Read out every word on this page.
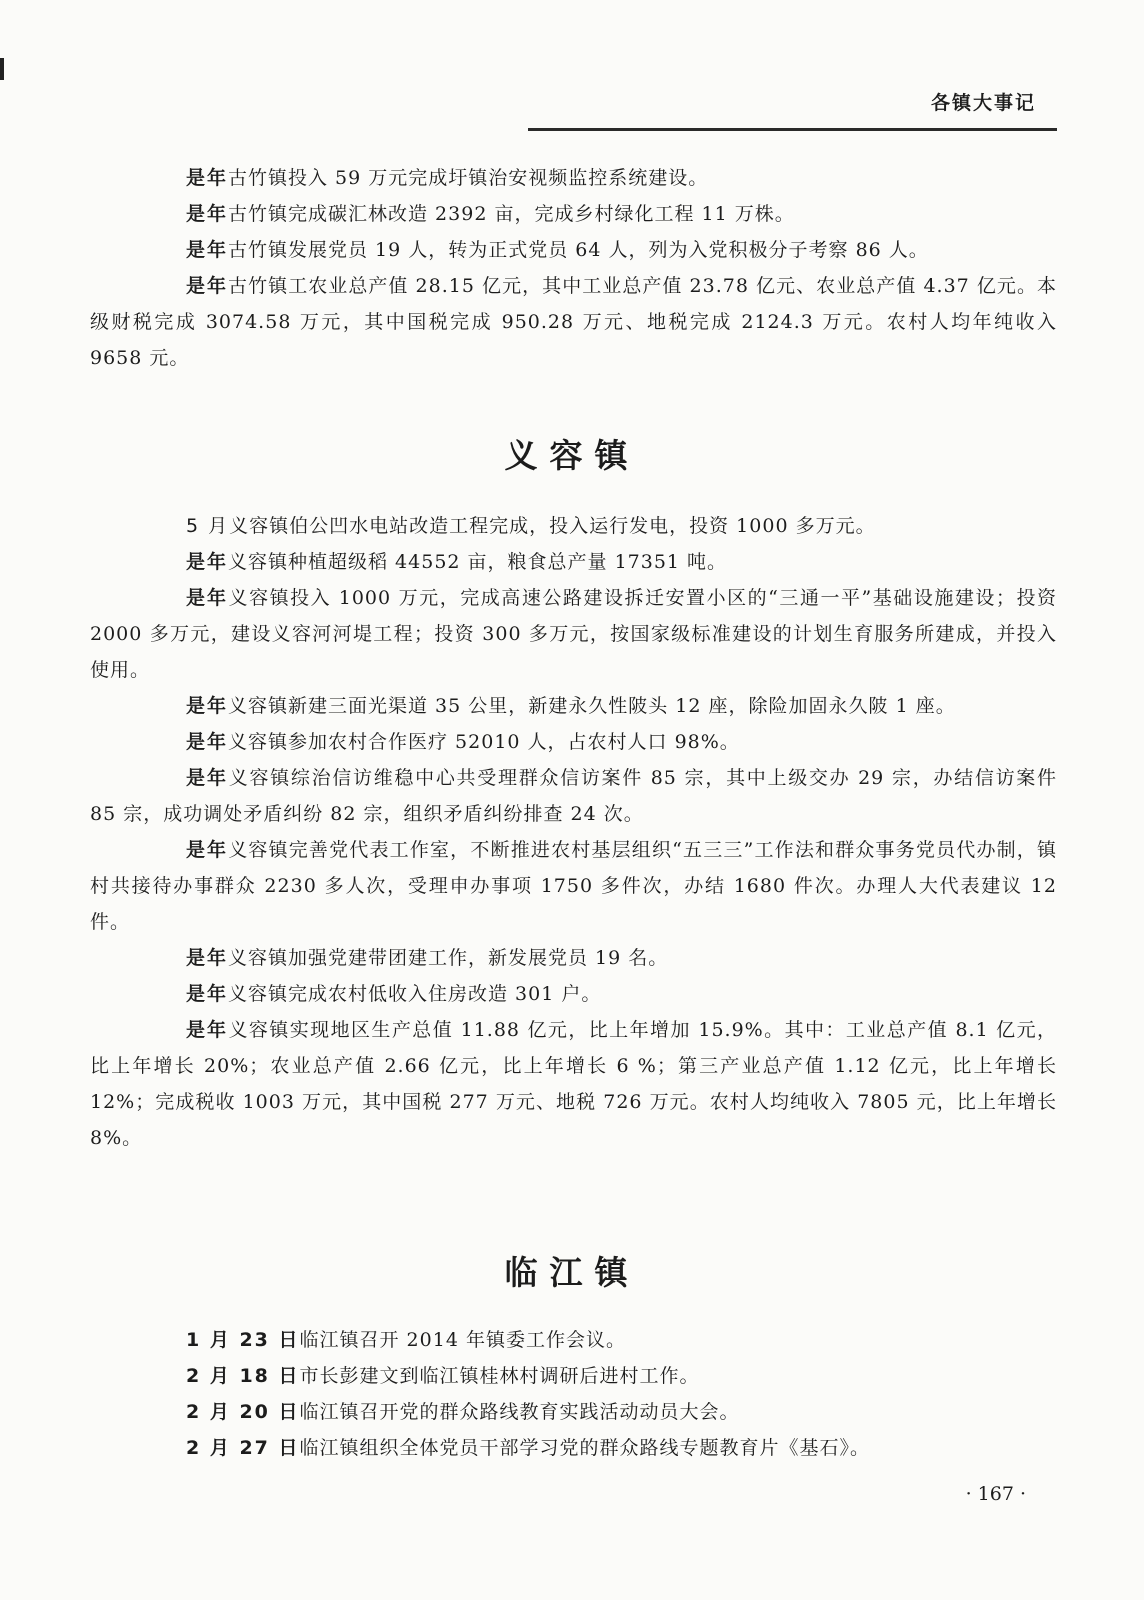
各镇大事记

是年古竹镇投入 59 万元完成圩镇治安视频监控系统建设。

是年古竹镇完成碳汇林改造 2392 亩，完成乡村绿化工程 11 万株。

是年古竹镇发展党员 19 人，转为正式党员 64 人，列为入党积极分子考察 86 人。

是年古竹镇工农业总产值 28.15 亿元，其中工业总产值 23.78 亿元、农业总产值 4.37 亿元。本级财税完成 3074.58 万元，其中国税完成 950.28 万元、地税完成 2124.3 万元。农村人均年纯收入 9658 元。

义容镇

5 月义容镇伯公凹水电站改造工程完成，投入运行发电，投资 1000 多万元。

是年义容镇种植超级稻 44552 亩，粮食总产量 17351 吨。

是年义容镇投入 1000 万元，完成高速公路建设拆迁安置小区的“三通一平”基础设施建设；投资 2000 多万元，建设义容河河堤工程；投资 300 多万元，按国家级标准建设的计划生育服务所建成，并投入使用。

是年义容镇新建三面光渠道 35 公里，新建永久性陂头 12 座，除险加固永久陂 1 座。

是年义容镇参加农村合作医疗 52010 人，占农村人口 98%。

是年义容镇综治信访维稳中心共受理群众信访案件 85 宗，其中上级交办 29 宗，办结信访案件 85 宗，成功调处矛盾纠纷 82 宗，组织矛盾纠纷排查 24 次。

是年义容镇完善党代表工作室，不断推进农村基层组织“五三三”工作法和群众事务党员代办制，镇村共接待办事群众 2230 多人次，受理申办事项 1750 多件次，办结 1680 件次。办理人大代表建议 12 件。

是年义容镇加强党建带团建工作，新发展党员 19 名。

是年义容镇完成农村低收入住房改造 301 户。

是年义容镇实现地区生产总值 11.88 亿元，比上年增加 15.9%。其中：工业总产值 8.1 亿元，比上年增长 20%；农业总产值 2.66 亿元，比上年增长 6 %；第三产业总产值 1.12 亿元，比上年增长 12%；完成税收 1003 万元，其中国税 277 万元、地税 726 万元。农村人均纯收入 7805 元，比上年增长 8%。

临江镇

1 月 23 日临江镇召开 2014 年镇委工作会议。

2 月 18 日市长彭建文到临江镇桂林村调研后进村工作。

2 月 20 日临江镇召开党的群众路线教育实践活动动员大会。

2 月 27 日临江镇组织全体党员干部学习党的群众路线专题教育片《基石》。

· 167 ·
